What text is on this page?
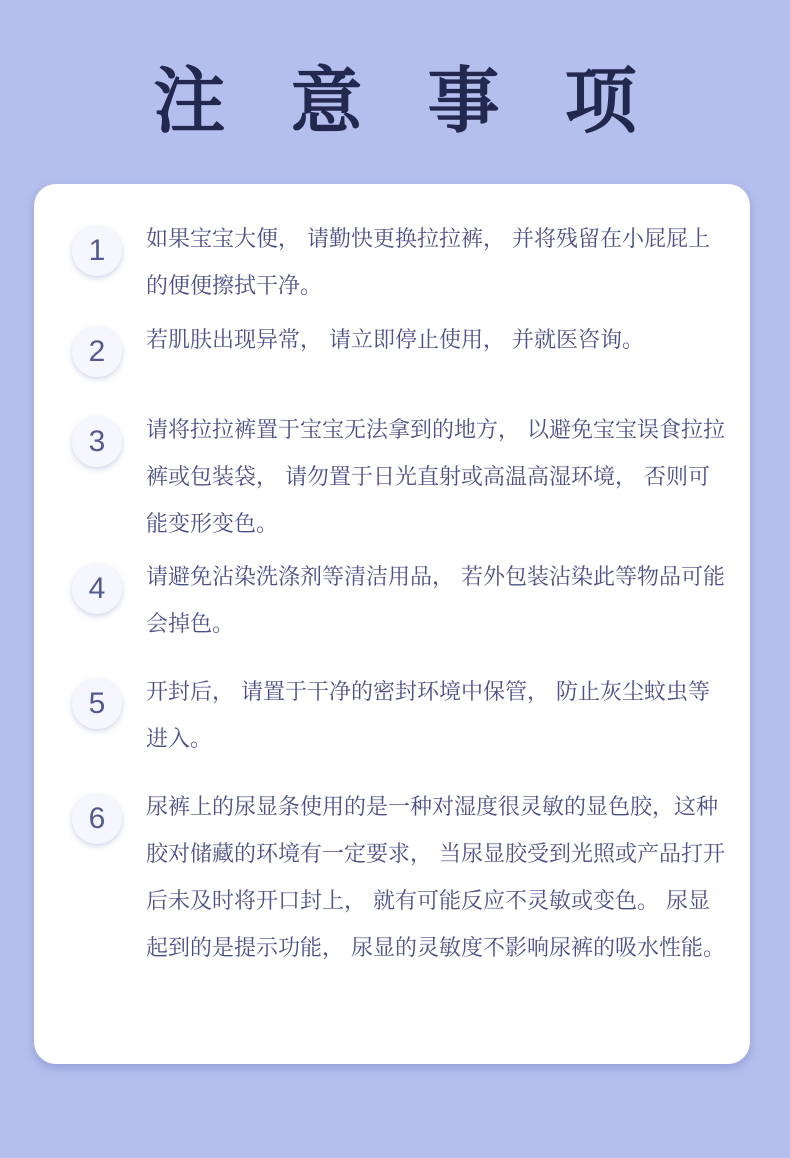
注 意 事 项
1	如果宝宝大便， 请勤快更换拉拉裤， 并将残留在小屁屁上的便便擦拭干净。
2	若肌肤出现异常， 请立即停止使用， 并就医咨询。
3	请将拉拉裤置于宝宝无法拿到的地方， 以避免宝宝误食拉拉裤或包装袋， 请勿置于日光直射或高温高湿环境， 否则可能变形变色。
4	请避免沾染洗涤剂等清洁用品， 若外包装沾染此等物品可能会掉色。
5	开封后， 请置于干净的密封环境中保管， 防止灰尘蚊虫等进入。
6	尿裤上的尿显条使用的是一种对湿度很灵敏的显色胶，这种胶对储藏的环境有一定要求， 当尿显胶受到光照或产品打开后未及时将开口封上， 就有可能反应不灵敏或变色。 尿显起到的是提示功能， 尿显的灵敏度不影响尿裤的吸水性能。
